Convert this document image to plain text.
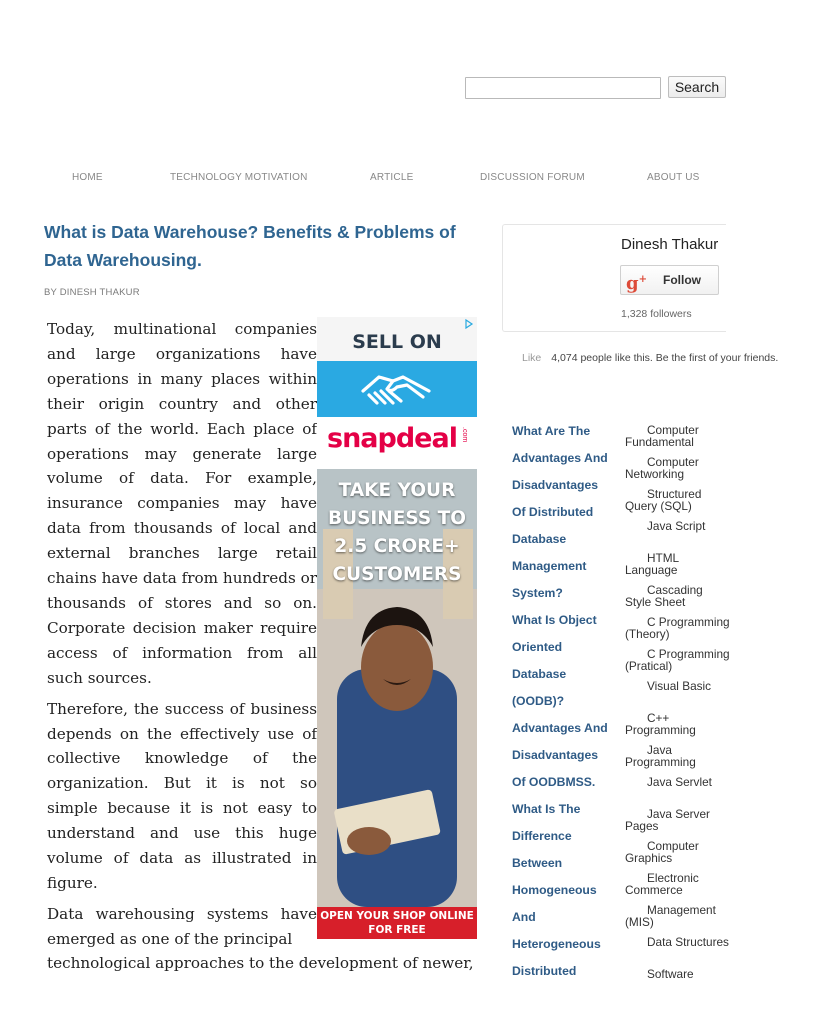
Search
HOME	TECHNOLOGY MOTIVATION	ARTICLE	DISCUSSION FORUM	ABOUT US
What is Data Warehouse? Benefits & Problems of Data Warehousing.
BY DINESH THAKUR

Today, multinational companies and large organizations have operations in many places within their origin country and other parts of the world. Each place of operations may generate large volume of data. For example, insurance companies may have data from thousands of local and external branches large retail chains have data from hundreds or thousands of stores and so on. Corporate decision maker require access of information from all such sources.

Therefore, the success of business depends on the effectively use of collective knowledge of the organization. But it is not so simple because it is not easy to understand and use this huge volume of data as illustrated in figure.

Data warehousing systems have emerged as one of the principal

technological approaches to the development of newer,
SELL ON
snapdeal .com
TAKE YOUR BUSINESS TO 2.5 CRORE+ CUSTOMERS
OPEN YOUR SHOP ONLINE FOR FREE
Dinesh Thakur
g+ Follow
1,328 followers
Like 4,074 people like this. Be the first of your friends.
What Are The
Advantages And
Disadvantages
Of Distributed
Database
Management
System?
What Is Object
Oriented
Database
(OODB)?
Advantages And
Disadvantages
Of OODBMSS.
What Is The
Difference
Between
Homogeneous
And
Heterogeneous
Distributed
Computer
Fundamental
Computer
Networking
Structured
Query (SQL)
Java Script
HTML
Language
Cascading
Style Sheet
C Programming
(Theory)
C Programming
(Pratical)
Visual Basic
C++
Programming
Java
Programming
Java Servlet
Java Server
Pages
Computer
Graphics
Electronic
Commerce
Management
(MIS)
Data Structures
Software
